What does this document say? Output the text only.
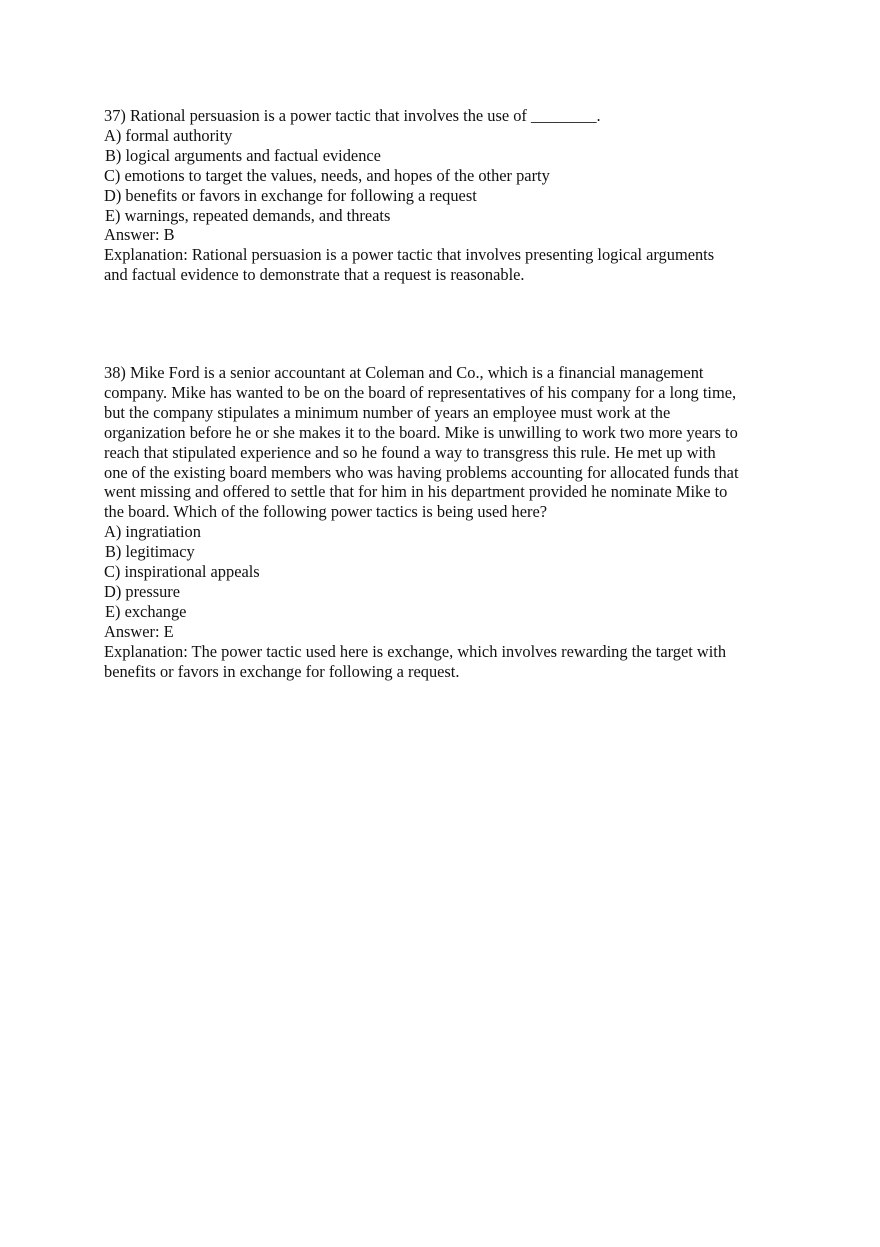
37) Rational persuasion is a power tactic that involves the use of ________.
A) formal authority
B) logical arguments and factual evidence
C) emotions to target the values, needs, and hopes of the other party
D) benefits or favors in exchange for following a request
E) warnings, repeated demands, and threats
Answer: B
Explanation: Rational persuasion is a power tactic that involves presenting logical arguments
and factual evidence to demonstrate that a request is reasonable.
38) Mike Ford is a senior accountant at Coleman and Co., which is a financial management
company. Mike has wanted to be on the board of representatives of his company for a long time,
but the company stipulates a minimum number of years an employee must work at the
organization before he or she makes it to the board. Mike is unwilling to work two more years to
reach that stipulated experience and so he found a way to transgress this rule. He met up with
one of the existing board members who was having problems accounting for allocated funds that
went missing and offered to settle that for him in his department provided he nominate Mike to
the board. Which of the following power tactics is being used here?
A) ingratiation
B) legitimacy
C) inspirational appeals
D) pressure
E) exchange
Answer: E
Explanation: The power tactic used here is exchange, which involves rewarding the target with
benefits or favors in exchange for following a request.
